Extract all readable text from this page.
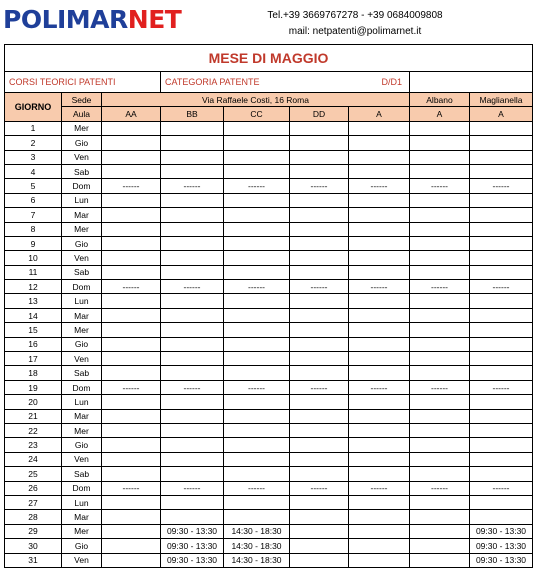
POLIMARNET	Tel.+39 3669767278 - +39 0684009808
mail: netpatenti@polimarnet.it
MESE DI MAGGIO								
CORSI TEORICI PATENTI			CATEGORIA PATENTE D/D1					
GIORNO	Sede	Via Raffaele Costi, 16 Roma					Albano	Maglianella
	Aula	AA	BB	CC	DD	A	A	A
1	Mer							
2	Gio							
3	Ven							
4	Sab							
5	Dom	------	------	------	------	------	------	------
6	Lun							
7	Mar							
8	Mer							
9	Gio							
10	Ven							
11	Sab							
12	Dom	------	------	------	------	------	------	------
13	Lun							
14	Mar							
15	Mer							
16	Gio							
17	Ven							
18	Sab							
19	Dom	------	------	------	------	------	------	------
20	Lun							
21	Mar							
22	Mer							
23	Gio							
24	Ven							
25	Sab							
26	Dom	------	------	------	------	------	------	------
27	Lun							
28	Mar							
29	Mer		09:30 - 13:30	14:30 - 18:30				09:30 - 13:30
30	Gio		09:30 - 13:30	14:30 - 18:30				09:30 - 13:30
31	Ven		09:30 - 13:30	14:30 - 18:30				09:30 - 13:30
